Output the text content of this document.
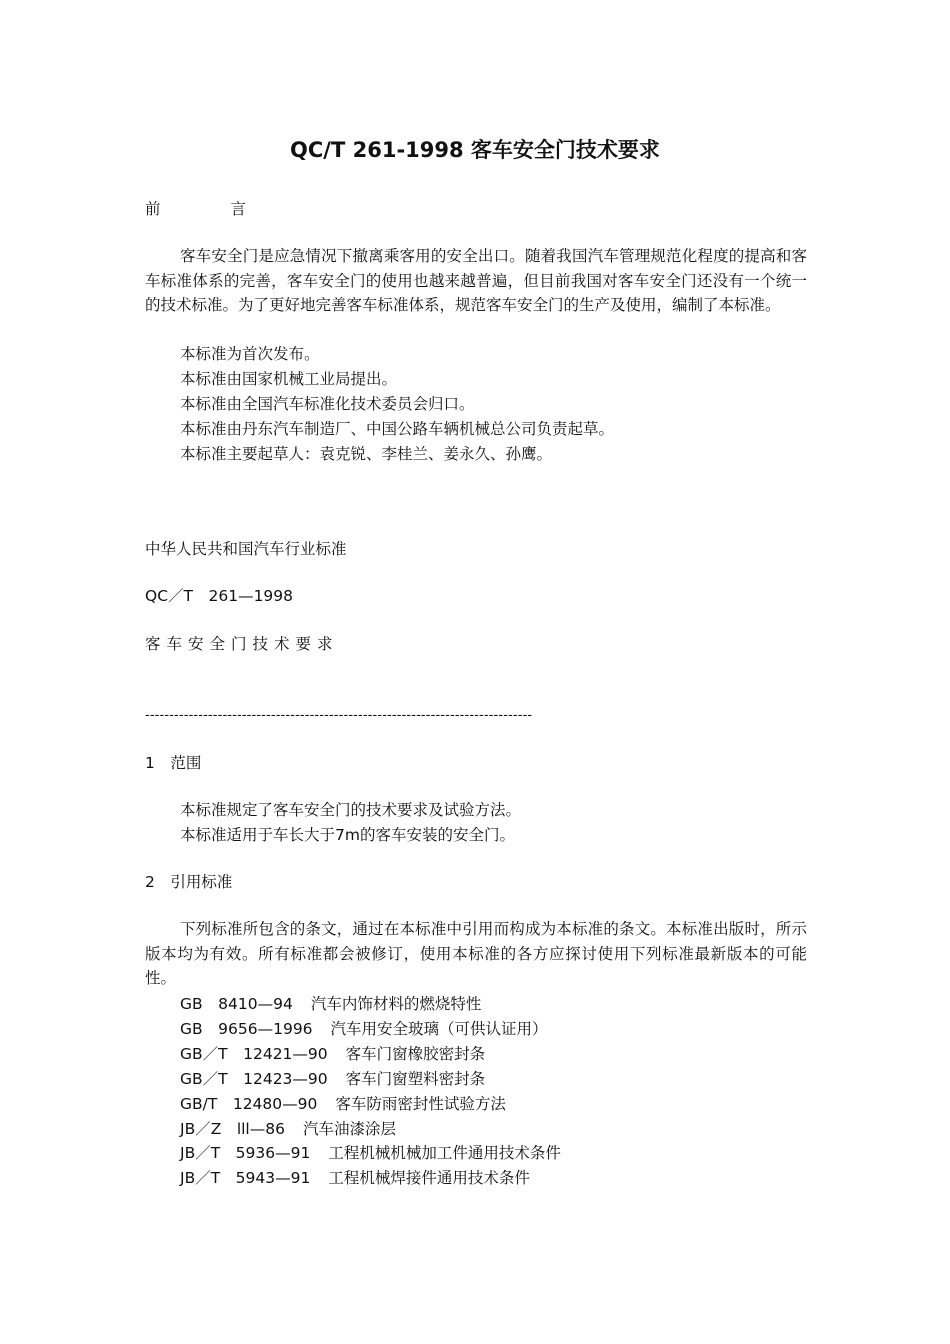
QC/T 261-1998 客车安全门技术要求
前	言
客车安全门是应急情况下撤离乘客用的安全出口。随着我国汽车管理规范化程度的提高和客车标准体系的完善，客车安全门的使用也越来越普遍，但目前我国对客车安全门还没有一个统一的技术标准。为了更好地完善客车标准体系，规范客车安全门的生产及使用，编制了本标准。
本标准为首次发布。
本标准由国家机械工业局提出。
本标准由全国汽车标准化技术委员会归口。
本标准由丹东汽车制造厂、中国公路车辆机械总公司负责起草。
本标准主要起草人：袁克锐、李桂兰、姜永久、孙鹰。
中华人民共和国汽车行业标准
QC／T　261—1998
客车安全门技术要求
--------------------------------------------------------------------------------
1　范围
本标准规定了客车安全门的技术要求及试验方法。
本标准适用于车长大于7m的客车安装的安全门。
2　引用标准
下列标准所包含的条文，通过在本标准中引用而构成为本标准的条文。本标准出版时，所示版本均为有效。所有标准都会被修订，使用本标准的各方应探讨使用下列标准最新版本的可能性。
GB　8410—94 汽车内饰材料的燃烧特性
GB　9656—1996 汽车用安全玻璃（可供认证用）
GB／T　12421—90 客车门窗橡胶密封条
GB／T　12423—90 客车门窗塑料密封条
GB/T　12480—90 客车防雨密封性试验方法
JB／Z　lll—86 汽车油漆涂层
JB／T　5936—91 工程机械机械加工件通用技术条件
JB／T　5943—91 工程机械焊接件通用技术条件
